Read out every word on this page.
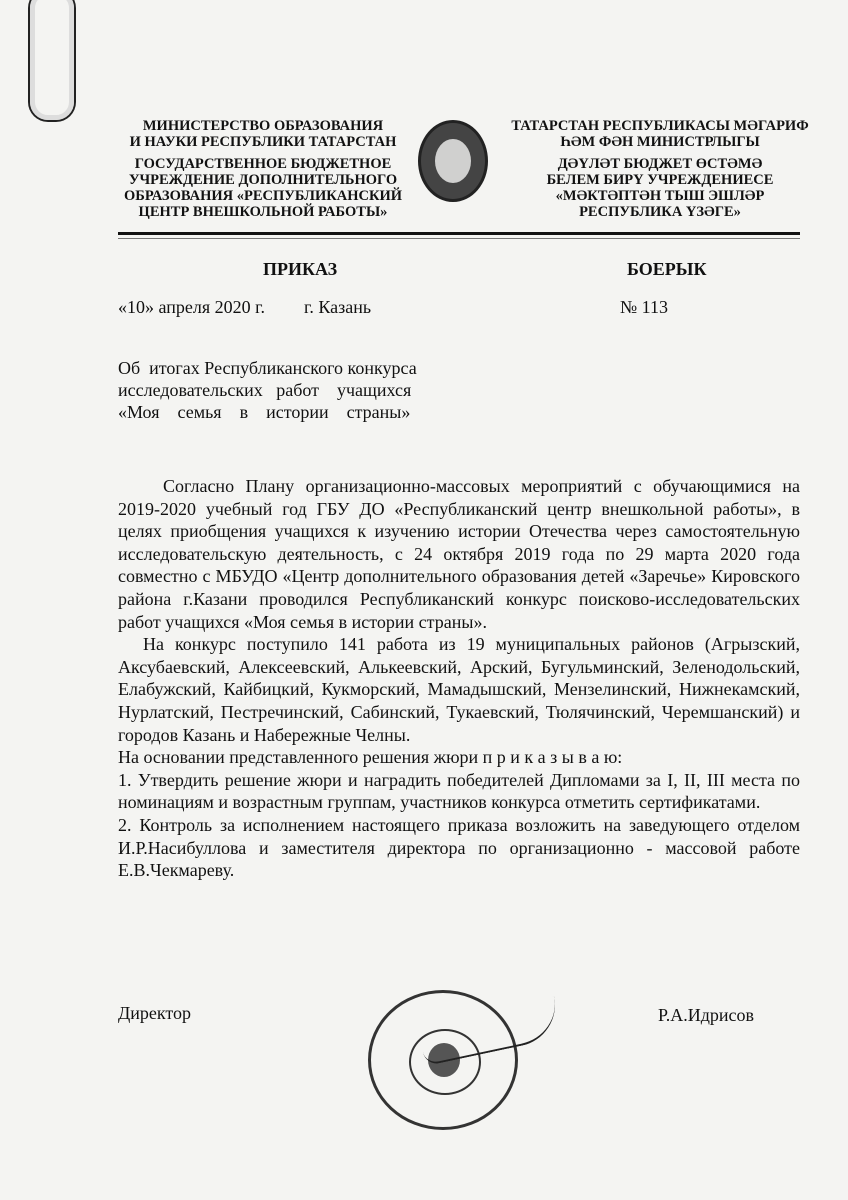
МИНИСТЕРСТВО ОБРАЗОВАНИЯ
И НАУКИ РЕСПУБЛИКИ ТАТАРСТАН
ГОСУДАРСТВЕННОЕ БЮДЖЕТНОЕ
УЧРЕЖДЕНИЕ ДОПОЛНИТЕЛЬНОГО
ОБРАЗОВАНИЯ «РЕСПУБЛИКАНСКИЙ
ЦЕНТР ВНЕШКОЛЬНОЙ РАБОТЫ»
ТАТАРСТАН РЕСПУБЛИКАСЫ МӘГАРИФ
ҺӘМ ФӘН МИНИСТРЛЫГЫ
ДӘҮЛӘТ БЮДЖЕТ ӨСТӘМӘ
БЕЛЕМ БИРҮ УЧРЕЖДЕНИЕСЕ
«МӘКТӘПТӘН ТЫШ ЭШЛӘР
РЕСПУБЛИКА ҮЗӘГЕ»
ПРИКАЗ	БОЕРЫК
«10» апреля 2020 г. г. Казань	№ 113
Об  итогах Республиканского конкурса
исследовательских   работ    учащихся
«Моя    семья    в    истории    страны»
Согласно Плану организационно-массовых мероприятий с обучающимися на 2019-2020 учебный год ГБУ ДО «Республиканский центр внешкольной работы», в целях приобщения учащихся к изучению истории Отечества через самостоятельную исследовательскую деятельность, с 24 октября 2019 года по 29 марта 2020 года совместно с МБУДО «Центр дополнительного образования детей «Заречье» Кировского района г.Казани проводился Республиканский конкурс поисково-исследовательских работ учащихся «Моя семья в истории страны».
На конкурс поступило 141 работа из 19 муниципальных районов (Агрызский, Аксубаевский, Алексеевский, Алькеевский, Арский, Бугульминский, Зеленодольский, Елабужский, Кайбицкий, Кукморский, Мамадышский, Мензелинский, Нижнекамский, Нурлатский, Пестречинский, Сабинский, Тукаевский, Тюлячинский, Черемшанский) и городов Казань и Набережные Челны.
На основании представленного решения жюри п р и к а з ы в а ю:
1. Утвердить решение жюри и наградить победителей Дипломами за I, II, III места по номинациям и возрастным группам, участников конкурса отметить сертификатами.
2. Контроль за исполнением настоящего приказа возложить на заведующего отделом И.Р.Насибуллова и заместителя директора по организационно - массовой работе Е.В.Чекмареву.
Директор	Р.А.Идрисов
